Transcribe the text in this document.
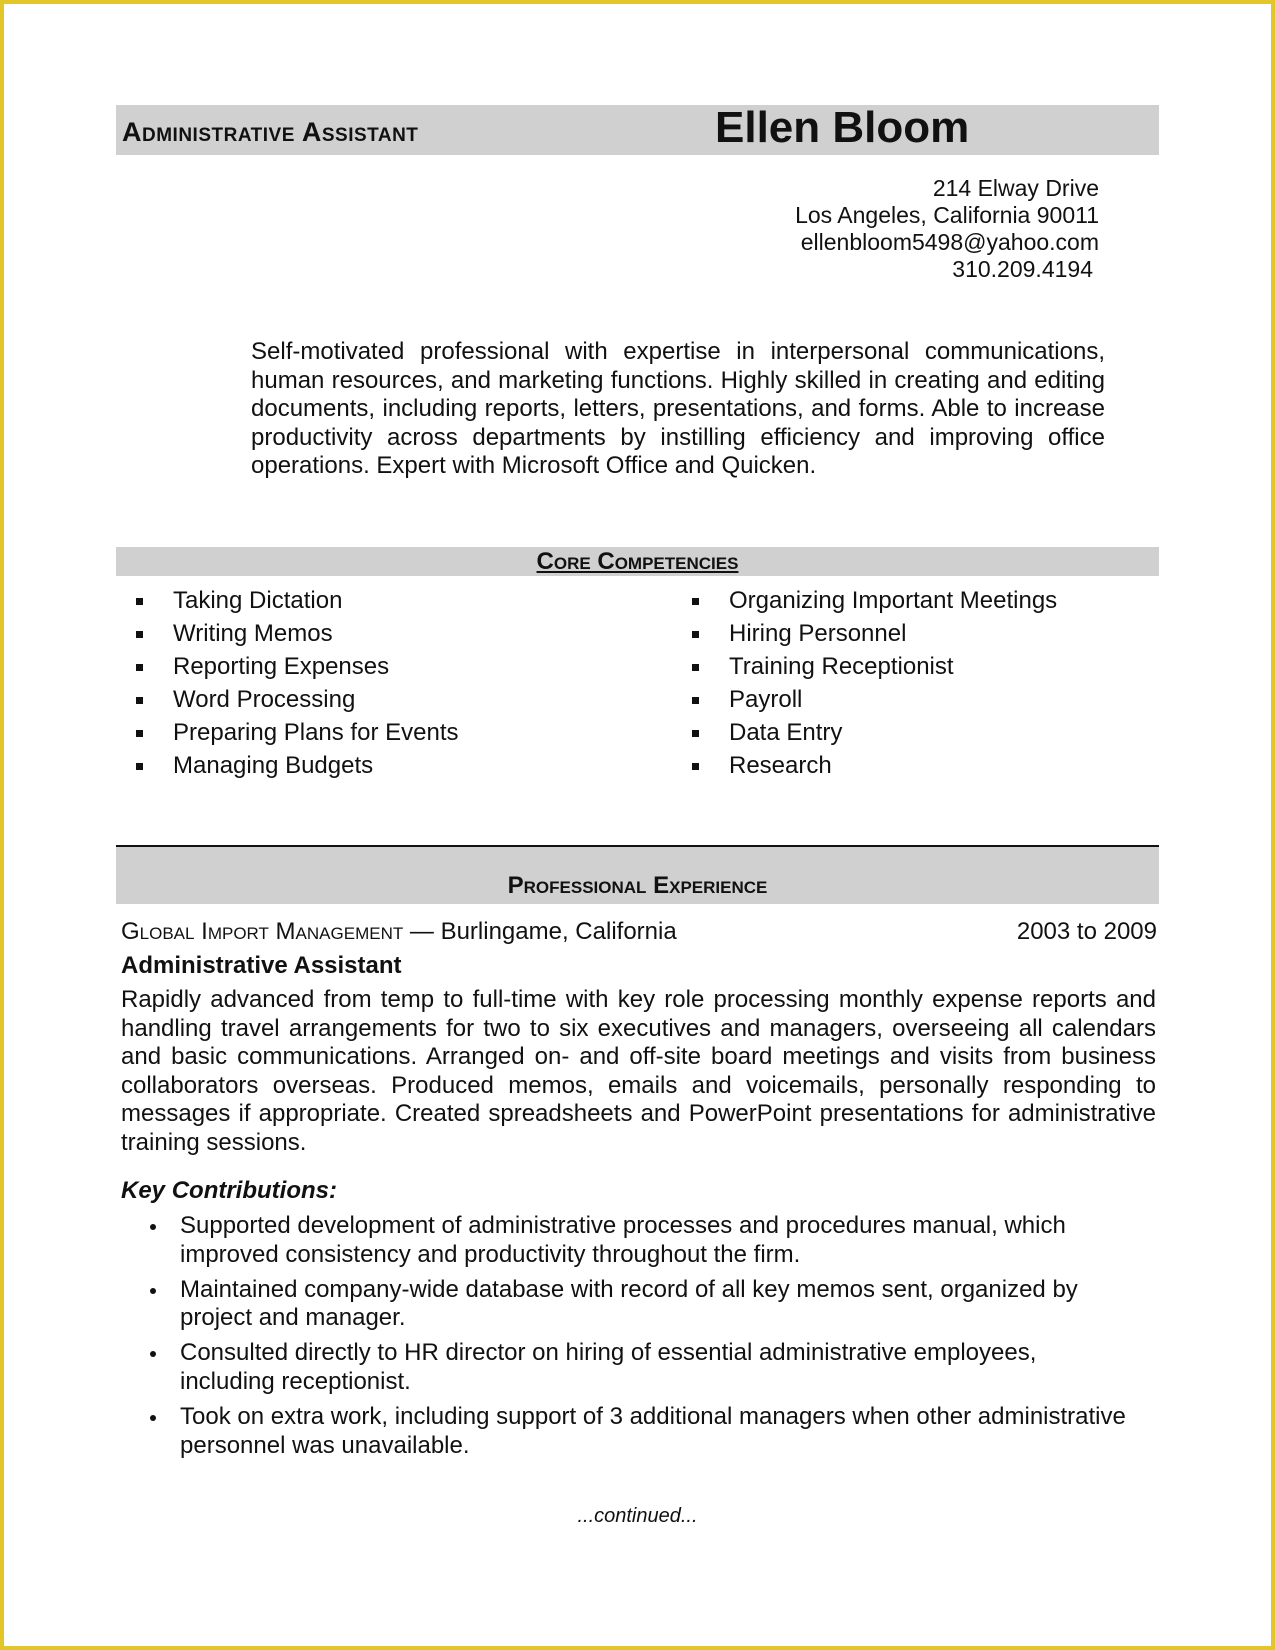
Administrative Assistant	Ellen Bloom
214 Elway Drive
Los Angeles, California 90011
ellenbloom5498@yahoo.com
310.209.4194
Self-motivated professional with expertise in interpersonal communications, human resources, and marketing functions. Highly skilled in creating and editing documents, including reports, letters, presentations, and forms. Able to increase productivity across departments by instilling efficiency and improving office operations. Expert with Microsoft Office and Quicken.
Core Competencies
Taking Dictation
Writing Memos
Reporting Expenses
Word Processing
Preparing Plans for Events
Managing Budgets
Organizing Important Meetings
Hiring Personnel
Training Receptionist
Payroll
Data Entry
Research
Professional Experience
Global Import Management — Burlingame, California	2003 to 2009
Administrative Assistant
Rapidly advanced from temp to full-time with key role processing monthly expense reports and handling travel arrangements for two to six executives and managers, overseeing all calendars and basic communications. Arranged on- and off-site board meetings and visits from business collaborators overseas. Produced memos, emails and voicemails, personally responding to messages if appropriate. Created spreadsheets and PowerPoint presentations for administrative training sessions.
Key Contributions:
Supported development of administrative processes and procedures manual, which improved consistency and productivity throughout the firm.
Maintained company-wide database with record of all key memos sent, organized by project and manager.
Consulted directly to HR director on hiring of essential administrative employees, including receptionist.
Took on extra work, including support of 3 additional managers when other administrative personnel was unavailable.
...continued...
